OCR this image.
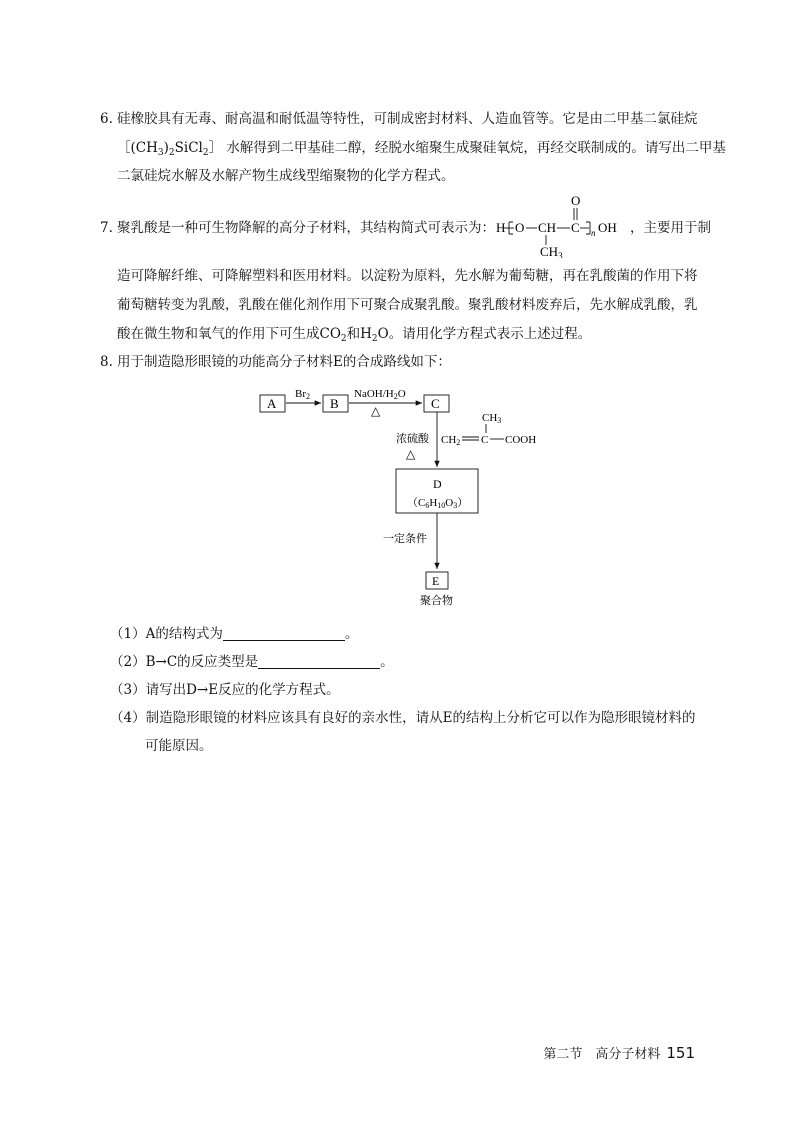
6. 硅橡胶具有无毒、耐高温和耐低温等特性，可制成密封材料、人造血管等。它是由二甲基二氯硅烷
$[(CH_3)_2SiCl_2]$ 水解得到二甲基硅二醇，经脱水缩聚生成聚硅氧烷，再经交联制成的。请写出二甲基
二氯硅烷水解及水解产物生成线型缩聚物的化学方程式。
7. 聚乳酸是一种可生物降解的高分子材料，其结构简式可表示为： H O CH C n OH
O
$CH_3$
，主要用于制
造可降解纤维、可降解塑料和医用材料。以淀粉为原料，先水解为葡萄糖，再在乳酸菌的作用下将
葡萄糖转变为乳酸，乳酸在催化剂作用下可聚合成聚乳酸。聚乳酸材料废弃后，先水解成乳酸，乳
酸在微生物和氧气的作用下可生成$CO_2$和$H_2O$。请用化学方程式表示上述过程。
8. 用于制造隐形眼镜的功能高分子材料E的合成路线如下：
A
Br2 B
NaOH/H2O
△	C
浓硫酸
△
CH3
CH2 C COOH
D
（C6H10O3）
一定条件
E
聚合物
（1）A的结构式为	。
（2）B→C的反应类型是	。
（3）请写出D→E反应的化学方程式。
（4）制造隐形眼镜的材料应该具有良好的亲水性，请从E的结构上分析它可以作为隐形眼镜材料的
可能原因。
第二节　高分子材料 151
